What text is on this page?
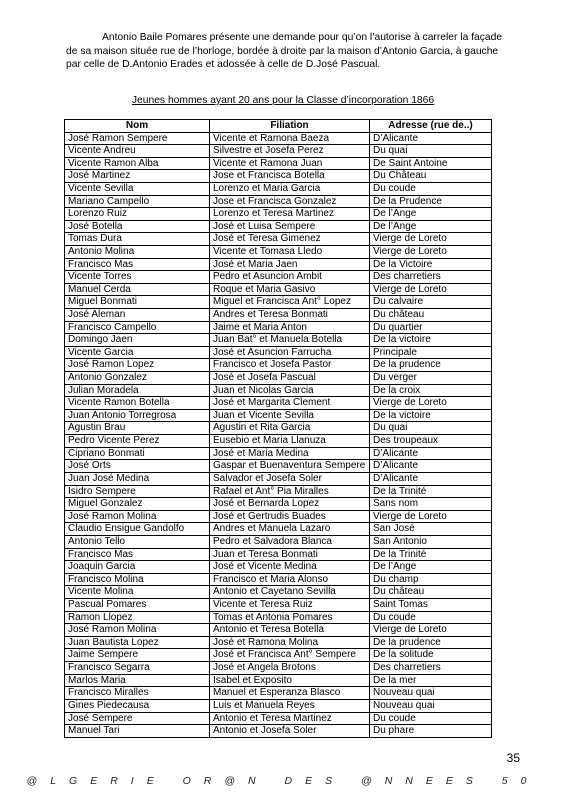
Antonio Baile Pomares présente une demande pour qu’on l’autorise à carreler la façade de sa maison située rue de l’horloge, bordée à droite par la maison d’Antonio Garcia, à gauche par celle de D.Antonio Erades et adossée à celle de D.José Pascual.

Jeunes hommes ayant 20 ans pour la Classe d’incorporation 1866

Nom	Filiation	Adresse (rue de..)
José Ramon Sempere	Vicente et Ramona Baeza	D’Alicante
Vicente Andreu	Silvestre et Josefa Perez	Du quai
Vicente Ramon Alba	Vicente et Ramona Juan	De Saint Antoine
José Martinez	Jose et Francisca Botella	Du Château
Vicente Sevilla	Lorenzo et Maria Garcia	Du coude
Mariano Campello	Jose et Francisca Gonzalez	De la Prudence
Lorenzo Ruiz	Lorenzo et Teresa Martinez	De l’Ange
José Botella	José et Luisa Sempere	De l’Ange
Tomas Dura	José et Teresa Gimenez	Vierge de Loreto
Antonio Molina	Vicente et Tomasa Lledo	Vierge de Loreto
Francisco Mas	José et Maria Jaen	De la Victoire
Vicente Torres	Pedro et Asuncion Ambit	Des charretiers
Manuel Cerda	Roque et Maria Gasivo	Vierge de Loreto
Miguel Bonmati	Miguel et Francisca Ant° Lopez	Du calvaire
José Aleman	Andres et Teresa Bonmati	Du château
Francisco Campello	Jaime et Maria Anton	Du quartier
Domingo Jaen	Juan Bat° et Manuela Botella	De la victoire
Vicente Garcia	José et Asuncion Farrucha	Principale
José Ramon Lopez	Francisco et Josefa Pastor	De la prudence
Antonio Gonzalez	José et Josefa Pascual	Du verger
Julian Moradela	Juan et Nicolas Garcia	De la croix
Vicente Ramon Botella	José et Margarita Clement	Vierge de Loreto
Juan Antonio Torregrosa	Juan et Vicente Sevilla	De la victoire
Agustin Brau	Agustin et Rita Garcia	Du quai
Pedro Vicente Perez	Eusebio et Maria Llanuza	Des troupeaux
Cipriano Bonmati	José et Maria Medina	D’Alicante
José Orts	Gaspar et Buenaventura Sempere	D’Alicante
Juan José Medina	Salvador et Josefa Soler	D’Alicante
Isidro Sempere	Rafael et Ant° Pia Miralles	De la Trinité
Miguel Gonzalez	José et Bernarda Lopez	Sans nom
José Ramon Molina	José et Gertrudis Buades	Vierge de Loreto
Claudio Ensigue Gandolfo	Andres et Manuela Lazaro	San José
Antonio Tello	Pedro et Salvadora Blanca	San Antonio
Francisco Mas	Juan et Teresa Bonmati	De la Trinité
Joaquin Garcia	José et Vicente Medina	De l’Ange
Francisco Molina	Francisco et Maria Alonso	Du champ
Vicente Molina	Antonio et Cayetano Sevilla	Du château
Pascual Pomares	Vicente et Teresa Ruiz	Saint Tomas
Ramon Llopez	Tomas et Antonia Pomares	Du coude
José Ramon Molina	Antonio et Teresa Botella	Vierge de Loreto
Juan Bautista Lopez	José et Ramona Molina	De la prudence
Jaime Sempere	José et Francisca Ant° Sempere	De la solitude
Francisco Segarra	José et Angela Brotons	Des charretiers
Marlos Maria	Isabel et Exposito	De la mer
Francisco Miralles	Manuel et Esperanza Blasco	Nouveau quai
Gines Piedecausa	Luis et Manuela Reyes	Nouveau quai
José Sempere	Antonio et Teresa Martinez	Du coude
Manuel Tari	Antonio et Josefa Soler	Du phare

35

@LGERIE OR@N DES @NNEES 50
